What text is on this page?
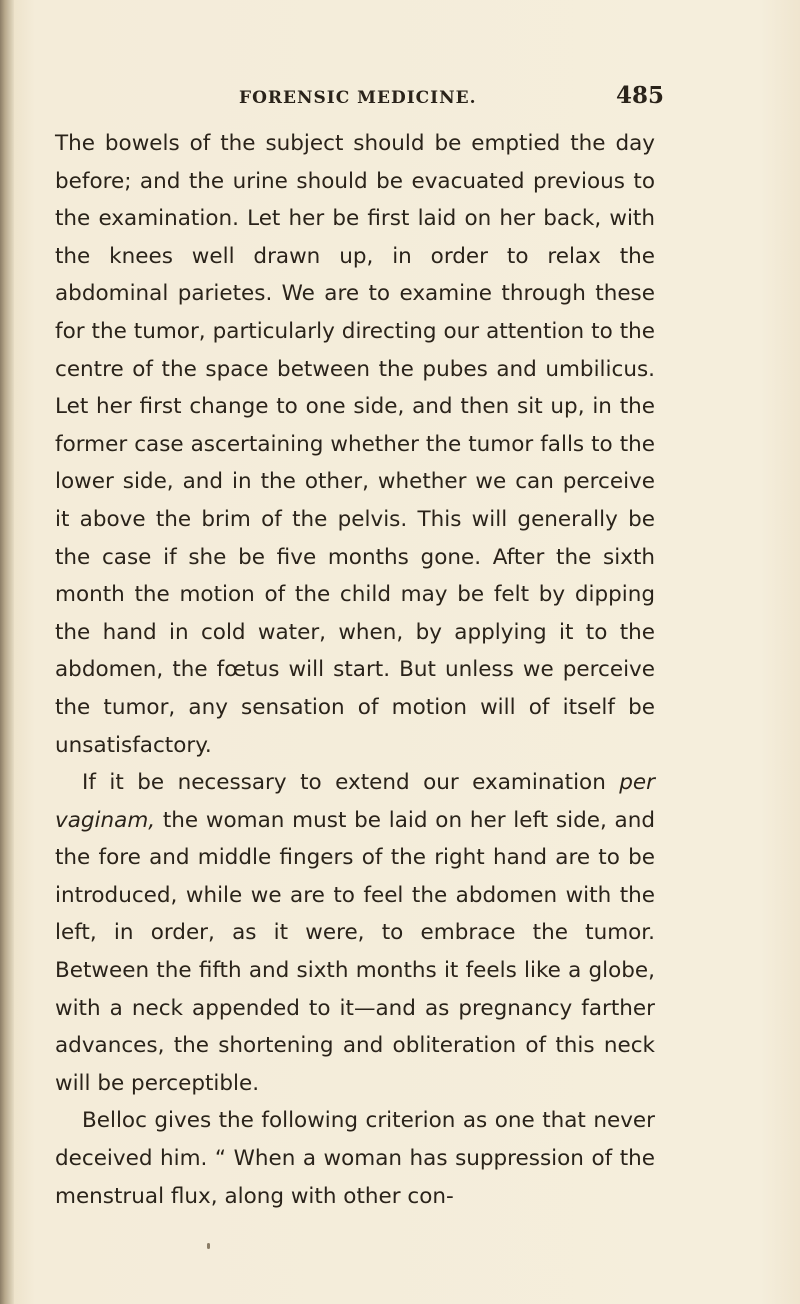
FORENSIC MEDICINE.	485

The bowels of the subject should be emptied the day before; and the urine should be evacuated previous to the examination. Let her be first laid on her back, with the knees well drawn up, in order to relax the abdominal parietes. We are to examine through these for the tumor, particularly directing our attention to the centre of the space between the pubes and umbilicus. Let her first change to one side, and then sit up, in the former case ascertaining whether the tumor falls to the lower side, and in the other, whether we can perceive it above the brim of the pelvis. This will generally be the case if she be five months gone. After the sixth month the motion of the child may be felt by dipping the hand in cold water, when, by applying it to the abdomen, the fœtus will start. But unless we perceive the tumor, any sensation of motion will of itself be unsatisfactory.

If it be necessary to extend our examination per vaginam, the woman must be laid on her left side, and the fore and middle fingers of the right hand are to be introduced, while we are to feel the abdomen with the left, in order, as it were, to embrace the tumor. Between the fifth and sixth months it feels like a globe, with a neck appended to it—and as pregnancy farther advances, the shortening and obliteration of this neck will be perceptible.

Belloc gives the following criterion as one that never deceived him. “ When a woman has suppression of the menstrual flux, along with other con-
